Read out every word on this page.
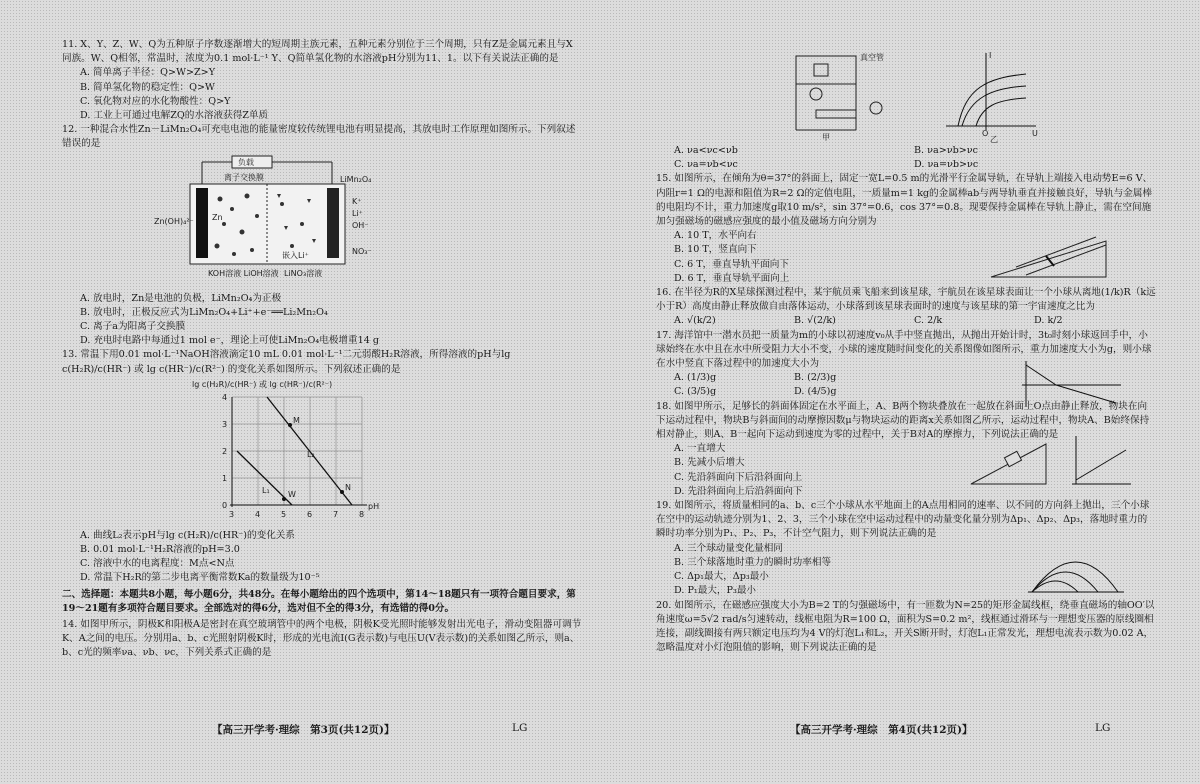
11. X、Y、Z、W、Q为五种原子序数逐渐增大的短周期主族元素，五种元素分别位于三个周期，只有Z是金属元素且与X同族。W、Q相邻，常温时，浓度为0.1 mol·L⁻¹ Y、Q简单氢化物的水溶液pH分别为11、1。以下有关说法正确的是

A. 简单离子半径：Q>W>Z>Y

B. 简单氢化物的稳定性：Q>W

C. 氧化物对应的水化物酸性：Q>Y

D. 工业上可通过电解ZQ的水溶液获得Z单质

12. 一种混合水性Zn－LiMn₂O₄可充电电池的能量密度较传统锂电池有明显提高，其放电时工作原理如图所示。下列叙述错误的是

负载
离子交换膜
Zn
Zn(OH)₄²⁻
LiMn₂O₄
K⁺
Li⁺
OH⁻
NO₃⁻
嵌入Li⁺
KOH溶液 LiOH溶液 LiNO₃溶液

A. 放电时，Zn是电池的负极，LiMn₂O₄为正极

B. 放电时，正极反应式为LiMn₂O₄+Li⁺+e⁻══Li₂Mn₂O₄

C. 离子a为阳离子交换膜

D. 充电时电路中每通过1 mol e⁻，理论上可使LiMn₂O₄电极增重14 g

13. 常温下用0.01 mol·L⁻¹NaOH溶液滴定10 mL 0.01 mol·L⁻¹二元弱酸H₂R溶液，所得溶液的pH与lg c(H₂R)/c(HR⁻) 或 lg c(HR⁻)/c(R²⁻) 的变化关系如图所示。下列叙述正确的是

lg c(H₂R)/c(HR⁻) 或 lg c(HR⁻)/c(R²⁻)
M
W
N
L₁
L₂
3	4	5	6	7	8
0
1
2
3
4
pH

A. 曲线L₂表示pH与lg c(H₂R)/c(HR⁻)的变化关系

B. 0.01 mol·L⁻¹H₂R溶液的pH=3.0

C. 溶液中水的电离程度：M点<N点

D. 常温下H₂R的第二步电离平衡常数Ka的数量级为10⁻⁵

二、选择题：本题共8小题，每小题6分，共48分。在每小题给出的四个选项中，第14～18题只有一项符合题目要求，第19～21题有多项符合题目要求。全部选对的得6分，选对但不全的得3分，有选错的得0分。

14. 如图甲所示，阴极K和阳极A是密封在真空玻璃管中的两个电极，阴极K受光照时能够发射出光电子，滑动变阻器可调节K、A之间的电压。分别用a、b、c光照射阴极K时，形成的光电流I(G表示数)与电压U(V表示数)的关系如图乙所示，则a、b、c光的频率νa、νb、νc，下列关系式正确的是

【高三开学考·理综　第3页(共12页)】	LG
真空管
甲
I
U
O
乙
A. νa<νc<νb	B. νa>νb>νc
C. νa=νb<νc	D. νa=νb>νc

15. 如图所示，在倾角为θ=37°的斜面上，固定一宽L=0.5 m的光滑平行金属导轨，在导轨上端接入电动势E=6 V、内阻r=1 Ω的电源和阻值为R=2 Ω的定值电阻，一质量m=1 kg的金属棒ab与两导轨垂直并接触良好，导轨与金属棒的电阻均不计，重力加速度g取10 m/s²，sin 37°=0.6，cos 37°=0.8。现要保持金属棒在导轨上静止，需在空间施加匀强磁场的磁感应强度的最小值及磁场方向分别为

A. 10 T，水平向右

B. 10 T，竖直向下

C. 6 T，垂直导轨平面向下

D. 6 T，垂直导轨平面向上

16. 在半径为R的X星球探测过程中，某宇航员乘飞船来到该星球，宇航员在该星球表面让一个小球从离地(1/k)R（k远小于R）高度由静止释放做自由落体运动，小球落到该星球表面时的速度与该星球的第一宇宙速度之比为

A. √(k/2)	B. √(2/k)	C. 2/k	D. k/2

17. 海洋馆中一潜水员把一质量为m的小球以初速度v₀从手中竖直抛出，从抛出开始计时，3t₀时刻小球返回手中，小球始终在水中且在水中所受阻力大小不变，小球的速度随时间变化的关系图像如图所示，重力加速度大小为g，则小球在水中竖直下落过程中的加速度大小为

A. (1/3)g	B. (2/3)g
C. (3/5)g	D. (4/5)g

18. 如图甲所示，足够长的斜面体固定在水平面上，A、B两个物块叠放在一起放在斜面上O点由静止释放，物块在向下运动过程中，物块B与斜面间的动摩擦因数μ与物块运动的距离x关系如图乙所示，运动过程中，物块A、B始终保持相对静止，则A、B一起向下运动到速度为零的过程中，关于B对A的摩擦力，下列说法正确的是

A. 一直增大

B. 先减小后增大

C. 先沿斜面向下后沿斜面向上

D. 先沿斜面向上后沿斜面向下

19. 如图所示，将质量相同的a、b、c三个小球从水平地面上的A点用相同的速率、以不同的方向斜上抛出，三个小球在空中的运动轨迹分别为1、2、3，三个小球在空中运动过程中的动量变化量分别为Δp₁、Δp₂、Δp₃，落地时重力的瞬时功率分别为P₁、P₂、P₃，不计空气阻力，则下列说法正确的是

A. 三个球动量变化量相同

B. 三个球落地时重力的瞬时功率相等

C. Δp₁最大，Δp₃最小

D. P₁最大，P₃最小

20. 如图所示，在磁感应强度大小为B=2 T的匀强磁场中，有一匝数为N=25的矩形金属线框，绕垂直磁场的轴OO′以角速度ω=5√2 rad/s匀速转动，线框电阻为R=100 Ω，面积为S=0.2 m²，线框通过滑环与一理想变压器的原线圈相连接，副线圈接有两只额定电压均为4 V的灯泡L₁和L₂，开关S断开时，灯泡L₁正常发光，理想电流表示数为0.02 A，忽略温度对小灯泡阻值的影响，则下列说法正确的是

【高三开学考·理综　第4页(共12页)】	LG
